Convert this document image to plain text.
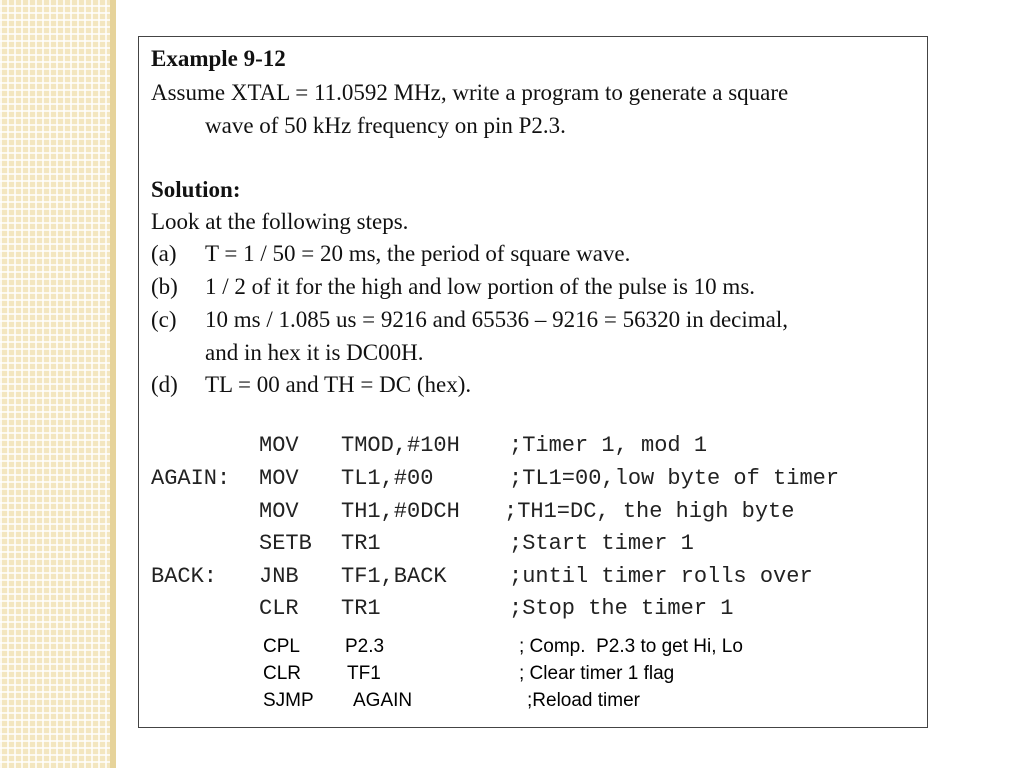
Example 9-12
Assume XTAL = 11.0592 MHz, write a program to generate a square
wave of 50 kHz frequency on pin P2.3.
Solution:
Look at the following steps.
(a) T = 1 / 50 = 20 ms, the period of square wave.
(b) 1 / 2 of it for the high and low portion of the pulse is 10 ms.
(c) 10 ms / 1.085 us = 9216 and 65536 – 9216 = 56320 in decimal,
and in hex it is DC00H.
(d) TL = 00 and TH = DC (hex).
MOV TMOD,#10H ;Timer 1, mod 1
AGAIN: MOV TL1,#00	;TL1=00,low byte of timer
MOV TH1,#0DCH ;TH1=DC, the high byte
SETB TR1	;Start timer 1
BACK: JNB TF1,BACK	;until timer rolls over
CLR TR1	;Stop the timer 1
CPL P2.3	; Comp.  P2.3 to get Hi, Lo
CLR TF1	; Clear timer 1 flag
SJMP AGAIN	;Reload timer
